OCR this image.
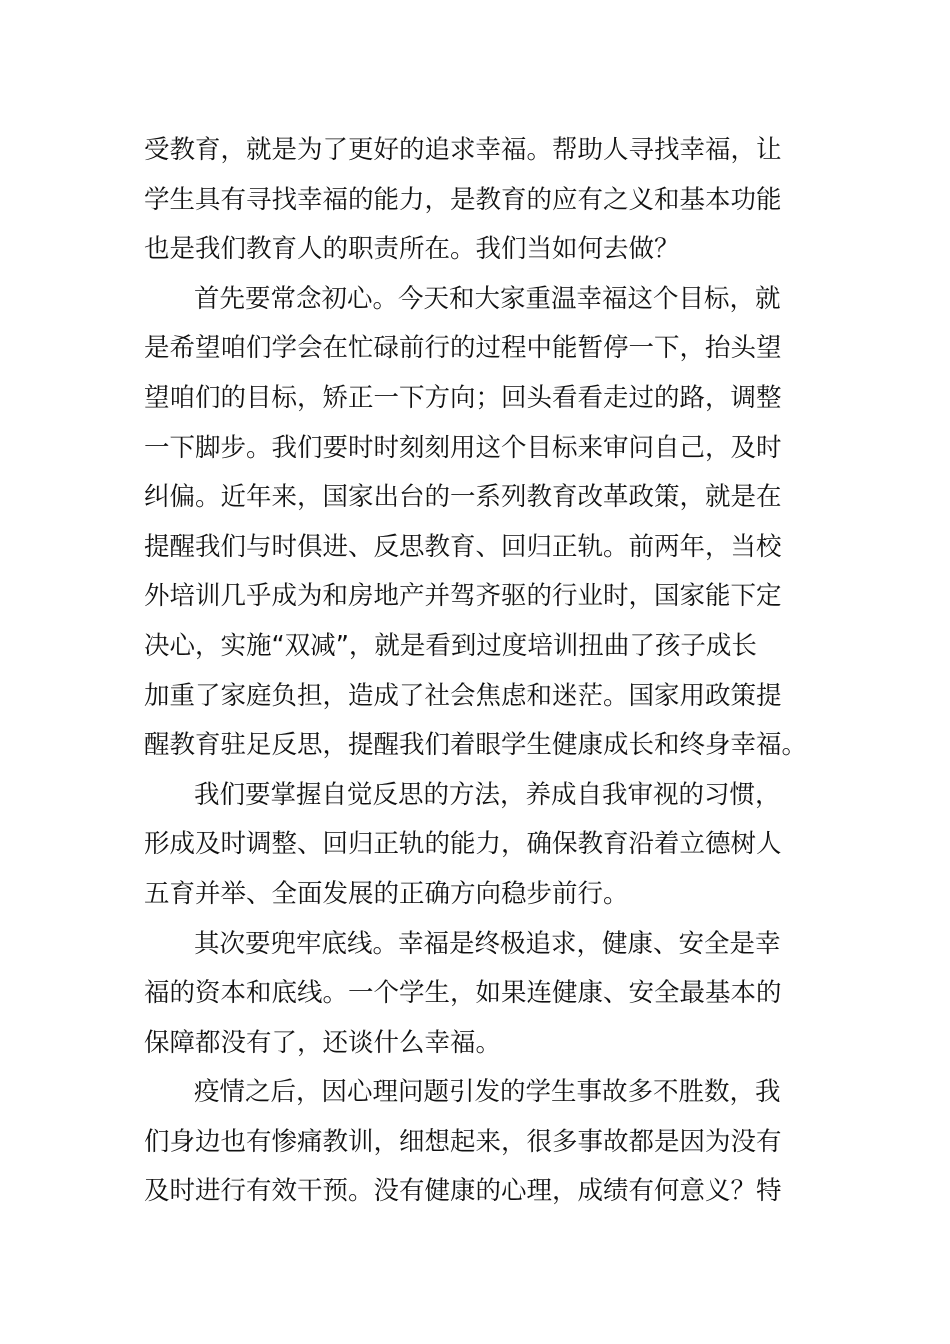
受教育，就是为了更好的追求幸福。帮助人寻找幸福，让
学生具有寻找幸福的能力，是教育的应有之义和基本功能
也是我们教育人的职责所在。我们当如何去做？
首先要常念初心。今天和大家重温幸福这个目标，就
是希望咱们学会在忙碌前行的过程中能暂停一下，抬头望
望咱们的目标，矫正一下方向；回头看看走过的路，调整
一下脚步。我们要时时刻刻用这个目标来审问自己，及时
纠偏。近年来，国家出台的一系列教育改革政策，就是在
提醒我们与时俱进、反思教育、回归正轨。前两年，当校
外培训几乎成为和房地产并驾齐驱的行业时，国家能下定
决心，实施“双减”，就是看到过度培训扭曲了孩子成长
加重了家庭负担，造成了社会焦虑和迷茫。国家用政策提
醒教育驻足反思，提醒我们着眼学生健康成长和终身幸福。
我们要掌握自觉反思的方法，养成自我审视的习惯，
形成及时调整、回归正轨的能力，确保教育沿着立德树人
五育并举、全面发展的正确方向稳步前行。
其次要兜牢底线。幸福是终极追求，健康、安全是幸
福的资本和底线。一个学生，如果连健康、安全最基本的
保障都没有了，还谈什么幸福。
疫情之后，因心理问题引发的学生事故多不胜数，我
们身边也有惨痛教训，细想起来，很多事故都是因为没有
及时进行有效干预。没有健康的心理，成绩有何意义？特
